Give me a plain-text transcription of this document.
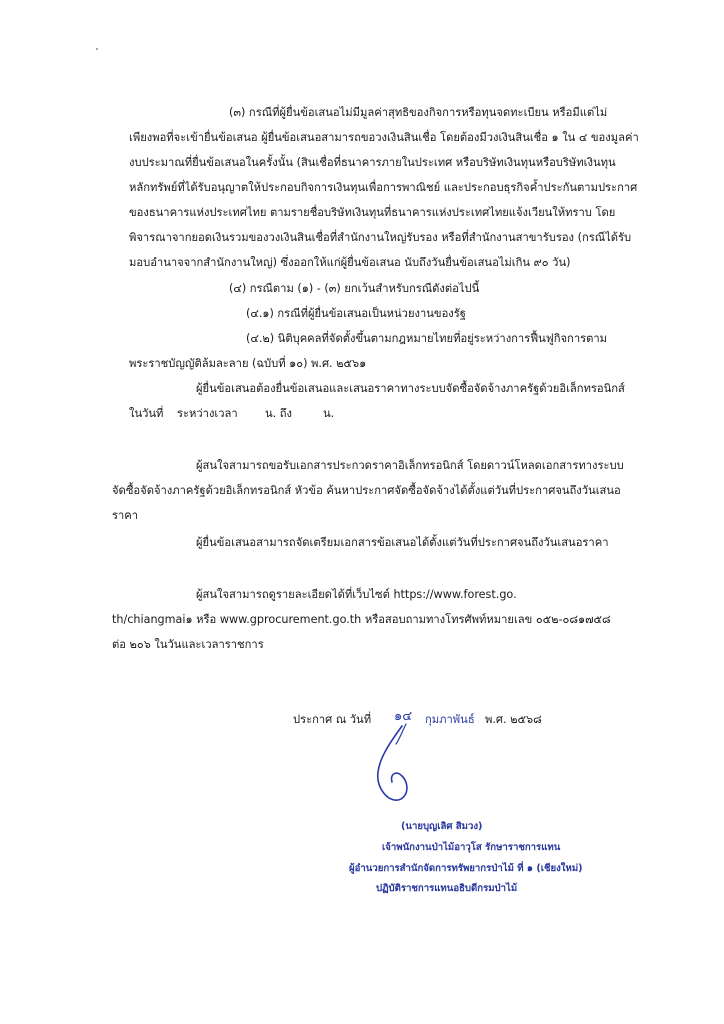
(๓) กรณีที่ผู้ยื่นข้อเสนอไม่มีมูลค่าสุทธิของกิจการหรือทุนจดทะเบียน หรือมีแต่ไม่
เพียงพอที่จะเข้ายื่นข้อเสนอ ผู้ยื่นข้อเสนอสามารถขอวงเงินสินเชื่อ โดยต้องมีวงเงินสินเชื่อ ๑ ใน ๔ ของมูลค่า
งบประมาณที่ยื่นข้อเสนอในครั้งนั้น (สินเชื่อที่ธนาคารภายในประเทศ หรือบริษัทเงินทุนหรือบริษัทเงินทุน
หลักทรัพย์ที่ได้รับอนุญาตให้ประกอบกิจการเงินทุนเพื่อการพาณิชย์ และประกอบธุรกิจค้ำประกันตามประกาศ
ของธนาคารแห่งประเทศไทย ตามรายชื่อบริษัทเงินทุนที่ธนาคารแห่งประเทศไทยแจ้งเวียนให้ทราบ โดย
พิจารณาจากยอดเงินรวมของวงเงินสินเชื่อที่สำนักงานใหญ่รับรอง หรือที่สำนักงานสาขารับรอง (กรณีได้รับ
มอบอำนาจจากสำนักงานใหญ่) ซึ่งออกให้แก่ผู้ยื่นข้อเสนอ นับถึงวันยื่นข้อเสนอไม่เกิน ๙๐ วัน)
(๔) กรณีตาม (๑) - (๓) ยกเว้นสำหรับกรณีดังต่อไปนี้
(๔.๑) กรณีที่ผู้ยื่นข้อเสนอเป็นหน่วยงานของรัฐ
(๔.๒) นิติบุคคลที่จัดตั้งขึ้นตามกฎหมายไทยที่อยู่ระหว่างการฟื้นฟูกิจการตาม
พระราชบัญญัติล้มละลาย (ฉบับที่ ๑๐) พ.ศ. ๒๕๖๑
ผู้ยื่นข้อเสนอต้องยื่นข้อเสนอและเสนอราคาทางระบบจัดซื้อจัดจ้างภาครัฐด้วยอิเล็กทรอนิกส์
ในวันที่ ระหว่างเวลา น. ถึง	น.
ผู้สนใจสามารถขอรับเอกสารประกวดราคาอิเล็กทรอนิกส์ โดยดาวน์โหลดเอกสารทางระบบ
จัดซื้อจัดจ้างภาครัฐด้วยอิเล็กทรอนิกส์ หัวข้อ ค้นหาประกาศจัดซื้อจัดจ้างได้ตั้งแต่วันที่ประกาศจนถึงวันเสนอ
ราคา
ผู้ยื่นข้อเสนอสามารถจัดเตรียมเอกสารข้อเสนอได้ตั้งแต่วันที่ประกาศจนถึงวันเสนอราคา
ผู้สนใจสามารถดูรายละเอียดได้ที่เว็บไซต์ https://www.forest.go.
th/chiangmai๑ หรือ www.gprocurement.go.th หรือสอบถามทางโทรศัพท์หมายเลข ๐๕๒-๐๘๑๗๕๘
ต่อ ๒๐๖ ในวันและเวลาราชการ
ประกาศ ณ วันที่ ๑๔ กุมภาพันธ์ พ.ศ. ๒๕๖๘
(นายบุญเลิศ สิมวง)
เจ้าพนักงานป่าไม้อาวุโส รักษาราชการแทน
ผู้อำนวยการสำนักจัดการทรัพยากรป่าไม้ ที่ ๑ (เชียงใหม่)
ปฏิบัติราชการแทนอธิบดีกรมป่าไม้
